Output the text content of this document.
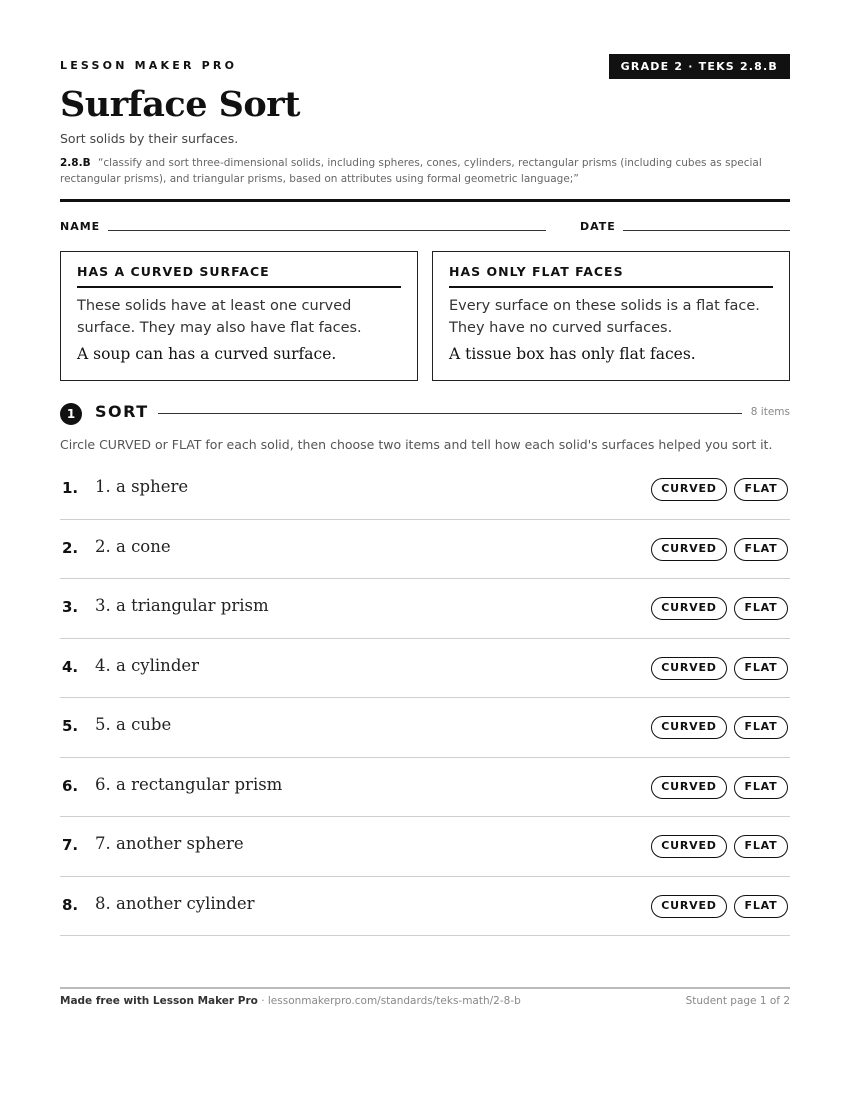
LESSON MAKER PRO	GRADE 2 · TEKS 2.8.B
Surface Sort
Sort solids by their surfaces.
2.8.B “classify and sort three-dimensional solids, including spheres, cones, cylinders, rectangular prisms (including cubes as special rectangular prisms), and triangular prisms, based on attributes using formal geometric language;”
NAME	DATE
HAS A CURVED SURFACE
These solids have at least one curved surface. They may also have flat faces.
A soup can has a curved surface.
HAS ONLY FLAT FACES
Every surface on these solids is a flat face. They have no curved surfaces.
A tissue box has only flat faces.
1	SORT	8 items
Circle CURVED or FLAT for each solid, then choose two items and tell how each solid's surfaces helped you sort it.
1. 1. a sphere	CURVED	FLAT
2. 2. a cone	CURVED	FLAT
3. 3. a triangular prism	CURVED	FLAT
4. 4. a cylinder	CURVED	FLAT
5. 5. a cube	CURVED	FLAT
6. 6. a rectangular prism	CURVED	FLAT
7. 7. another sphere	CURVED	FLAT
8. 8. another cylinder	CURVED	FLAT
Made free with Lesson Maker Pro · lessonmakerpro.com/standards/teks-math/2-8-b	Student page 1 of 2
